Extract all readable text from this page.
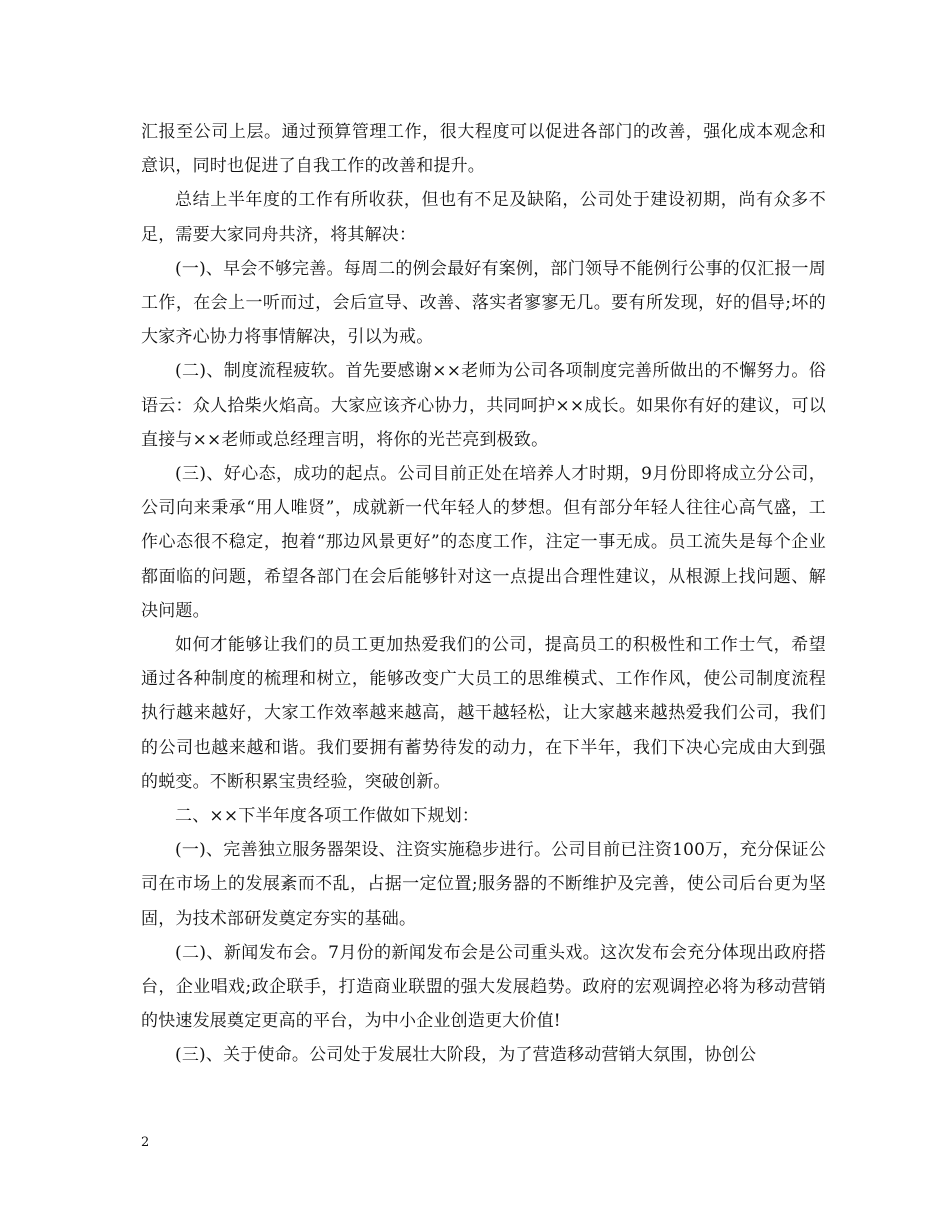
汇报至公司上层。通过预算管理工作，很大程度可以促进各部门的改善，强化成本观念和意识，同时也促进了自我工作的改善和提升。

总结上半年度的工作有所收获，但也有不足及缺陷，公司处于建设初期，尚有众多不足，需要大家同舟共济，将其解决：

(一)、早会不够完善。每周二的例会最好有案例，部门领导不能例行公事的仅汇报一周工作，在会上一听而过，会后宣导、改善、落实者寥寥无几。要有所发现，好的倡导;坏的大家齐心协力将事情解决，引以为戒。

(二)、制度流程疲软。首先要感谢××老师为公司各项制度完善所做出的不懈努力。俗语云：众人拾柴火焰高。大家应该齐心协力，共同呵护××成长。如果你有好的建议，可以直接与××老师或总经理言明，将你的光芒亮到极致。

(三)、好心态，成功的起点。公司目前正处在培养人才时期，9月份即将成立分公司，公司向来秉承“用人唯贤”，成就新一代年轻人的梦想。但有部分年轻人往往心高气盛，工作心态很不稳定，抱着“那边风景更好”的态度工作，注定一事无成。员工流失是每个企业都面临的问题，希望各部门在会后能够针对这一点提出合理性建议，从根源上找问题、解决问题。

如何才能够让我们的员工更加热爱我们的公司，提高员工的积极性和工作士气，希望通过各种制度的梳理和树立，能够改变广大员工的思维模式、工作作风，使公司制度流程执行越来越好，大家工作效率越来越高，越干越轻松，让大家越来越热爱我们公司，我们的公司也越来越和谐。我们要拥有蓄势待发的动力，在下半年，我们下决心完成由大到强的蜕变。不断积累宝贵经验，突破创新。

二、××下半年度各项工作做如下规划：

(一)、完善独立服务器架设、注资实施稳步进行。公司目前已注资100万，充分保证公司在市场上的发展紊而不乱，占据一定位置;服务器的不断维护及完善，使公司后台更为坚固，为技术部研发奠定夯实的基础。

(二)、新闻发布会。7月份的新闻发布会是公司重头戏。这次发布会充分体现出政府搭台，企业唱戏;政企联手，打造商业联盟的强大发展趋势。政府的宏观调控必将为移动营销的快速发展奠定更高的平台，为中小企业创造更大价值!

(三)、关于使命。公司处于发展壮大阶段，为了营造移动营销大氛围，协创公

2
